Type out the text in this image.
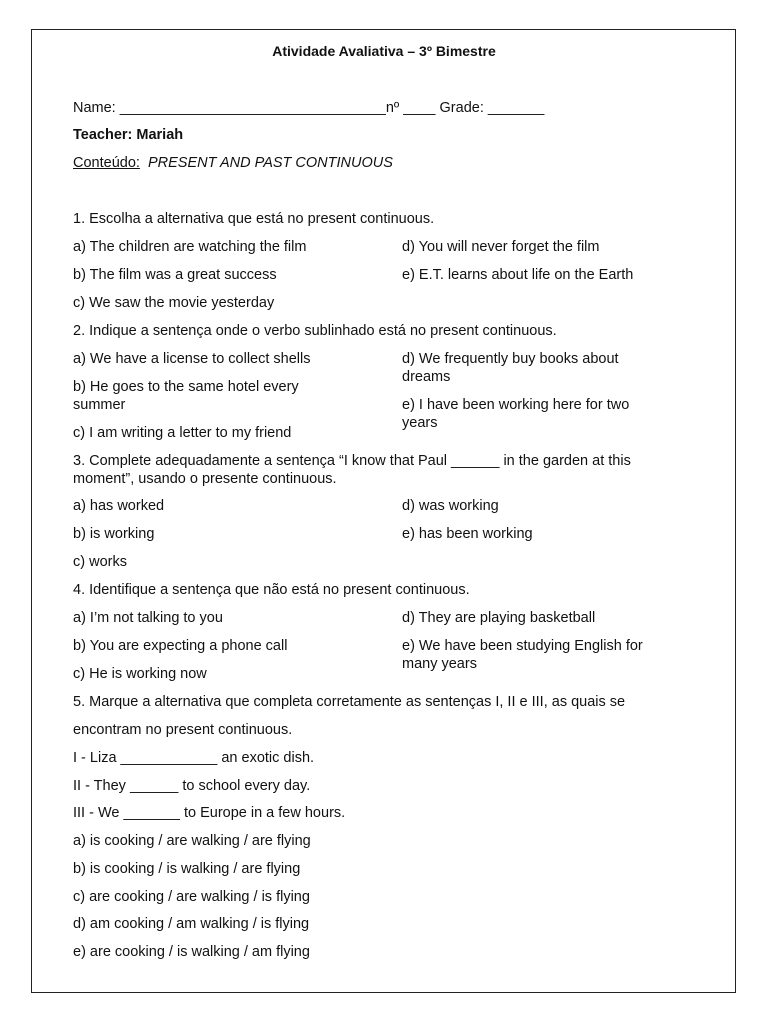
Atividade Avaliativa – 3º Bimestre
Name: _________________________________nº ____ Grade: _______
Teacher: Mariah
Conteúdo: PRESENT AND PAST CONTINUOUS
1. Escolha a alternativa que está no present continuous.
a) The children are watching the film	d) You will never forget the film
b) The film was a great success	e) E.T. learns about life on the Earth
c) We saw the movie yesterday
2. Indique a sentença onde o verbo sublinhado está no present continuous.
a) We have a license to collect shells	d) We frequently buy books about dreams
b) He goes to the same hotel every summer	e) I have been working here for two years
c) I am writing a letter to my friend
3. Complete adequadamente a sentença “I know that Paul ______ in the garden at this moment”, usando o presente continuous.
a) has worked	d) was working
b) is working	e) has been working
c) works
4. Identifique a sentença que não está no present continuous.
a) I’m not talking to you	d) They are playing basketball
b) You are expecting a phone call	e) We have been studying English for many years
c) He is working now
5. Marque a alternativa que completa corretamente as sentenças I, II e III, as quais se
encontram no present continuous.
I - Liza ____________ an exotic dish.
II - They ______ to school every day.
III - We _______ to Europe in a few hours.
a) is cooking / are walking / are flying
b) is cooking / is walking / are flying
c) are cooking / are walking / is flying
d) am cooking / am walking / is flying
e) are cooking / is walking / am flying
